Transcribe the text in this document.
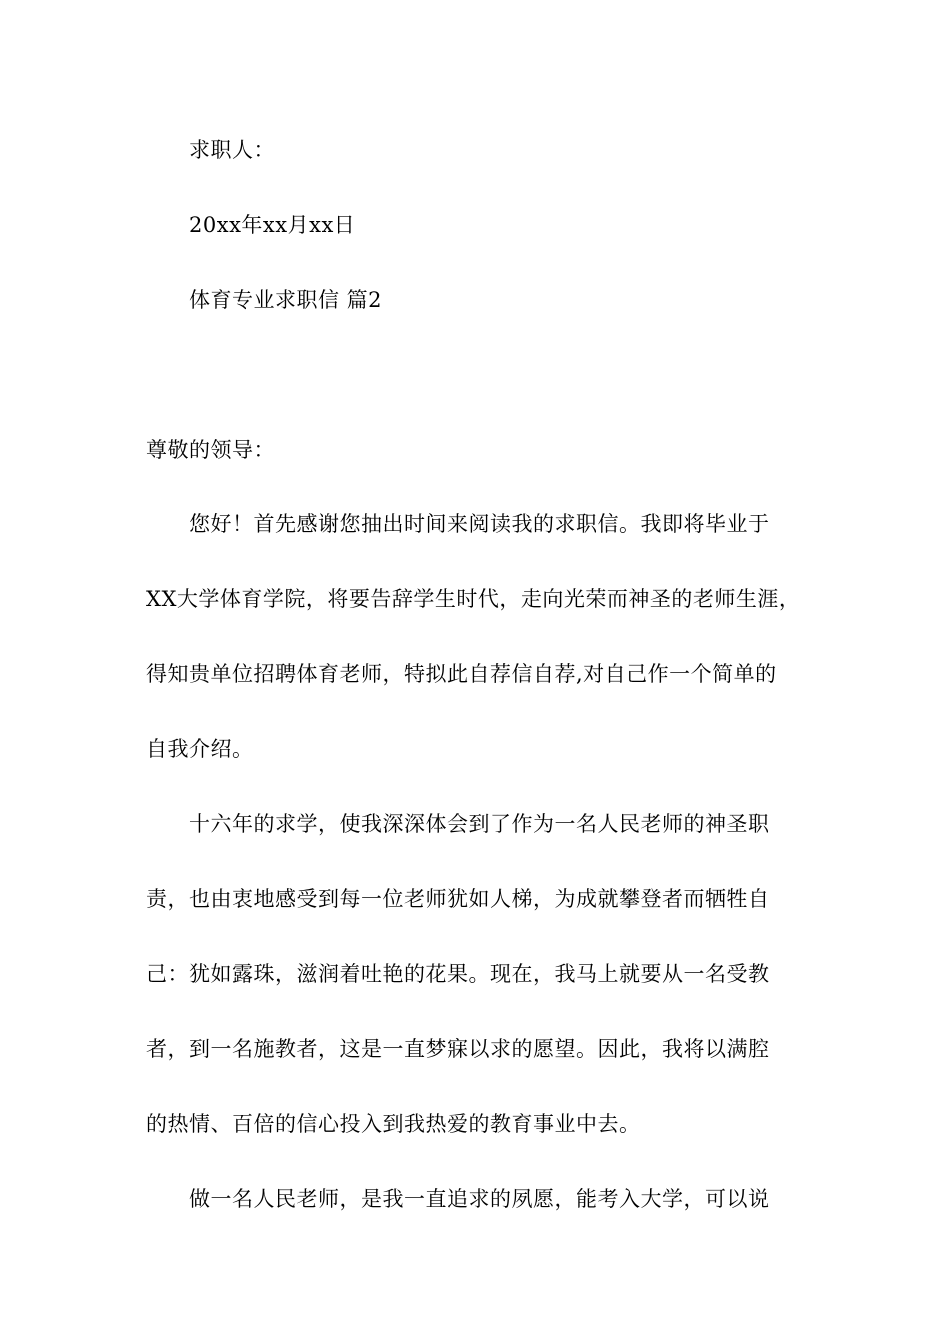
求职人：
20xx年xx月xx日
体育专业求职信 篇2
尊敬的领导：
您好！首先感谢您抽出时间来阅读我的求职信。我即将毕业于
XX大学体育学院，将要告辞学生时代，走向光荣而神圣的老师生涯，
得知贵单位招聘体育老师，特拟此自荐信自荐,对自己作一个简单的
自我介绍。
十六年的求学，使我深深体会到了作为一名人民老师的神圣职
责，也由衷地感受到每一位老师犹如人梯，为成就攀登者而牺牲自
己：犹如露珠，滋润着吐艳的花果。现在，我马上就要从一名受教
者，到一名施教者，这是一直梦寐以求的愿望。因此，我将以满腔
的热情、百倍的信心投入到我热爱的教育事业中去。
做一名人民老师，是我一直追求的夙愿，能考入大学，可以说
